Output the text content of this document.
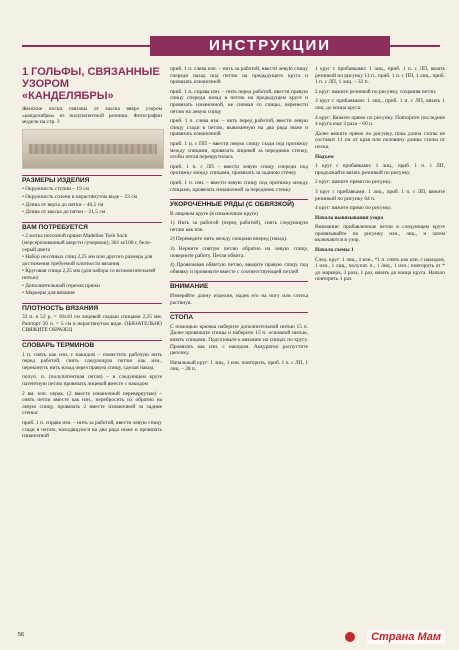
ИНСТРУКЦИИ
1 ГОЛЬФЫ, СВЯЗАННЫЕ УЗОРОМ «КАНДЕЛЯБРЫ»

Женские носки связаны от мыска вверх узором «канделябры» из полупатентной резинки. Фотографии модели на стр. 3

РАЗМЕРЫ ИЗДЕЛИЯ
• Окружность ступни – 19 см
• Окружность голени в нерастянутом виде – 23 см
• Длина от верха до пятки – 40,5 см
• Длина от мыска до пятки – 21,5 см
ВАМ ПОТРЕБУЕТСЯ
• 2 мотка носочной пряжи Madeline Tosh Sock (мерсеризованный шерсти супервош), 361 м/100 г, бело-серый цвета
• Набор носочных спиц 2,25 мм или другого размера для достижения требуемой плотности вязания
• Круговая спица 2,25 мм (для набора со вспомогательной нитью)
• Дополнительный отрезок пряжи
• Маркеры для вязания
ПЛОТНОСТЬ ВЯЗАНИЯ

32 п. и 52 р. = 10x10 см лицевой гладью спицами 2,25 мм. Раппорт 20 п. = 5 см в нерастянутом виде. ОБЯЗАТЕЛЬНО СВЯЖИТЕ ОБРАЗЕЦ

СЛОВАРЬ ТЕРМИНОВ

1 п. снять как изн. с накидом – поместить рабочую нить перед работой, снять следующую петлю как изн., перекинуть нить назад через правую спицу, сделав накид

полуп. п. (полупатентная петля) – в следующем круге патентную петлю провязать лицевой вместе с накидом

2 вм. изн. перек. (2 вместе изнаночной перевернутые) – снять петли вместе как изн., перебросить их обратно на левую спицу, провязать 2 вместе изнаночной за задние стенки

приб. 1 п. справа изн. – нить за работой, ввести левую спицу сзади в петлю, находящуюся на два ряда ниже и провязать изнаночной

приб. 1 п. слева изн. – нить за работой, ввести левую спицу спереди назад под петлю на предыдущего круга и провязать изнаночной

приб. 1 п. справа изн. – нить перед работой, ввести правую спицу спереди назад в петлю на предыдущем круге и провязать изнаночной, не снимая со спицы, перенести петлю на левую спицу

приб. 1 п. слева изн. – нить перед работой, ввести левую спицу сзади в петлю, вывязанную на два ряда ниже и провязать изнаночной

приб. 1 п. с ПП – ввести левую спицу сзади под протяжку между спицами, провязать лицевой за переднюю стенку, чтобы петля перекрутилась

приб. 1 п. с ЛП – ввести левую спицу спереди под протяжку между спицами, провязать за заднюю стенку

приб. 1 п. изн. – ввести левую спицу под протяжку между спицами, провязать изнаночной за переднюю стенку

УКОРОЧЕННЫЕ РЯДЫ (С ОБВЯЗКОЙ)

В лицевом круге (в изнаночном круге)

1) Нить за работой (перед работой), снять следующую петлю как изн.

2) Переведите нить между спицами вперед (назад).

3) Верните снятую петлю обратно на левую спицу, поверните работу. Петля обвита.

4) Провязывая обвитую петлю, введите правую спицу под обвивку и провяжите вместе с соответствующей петлей

ВНИМАНИЕ

Измеряйте длину изделия, надев его на ногу или слегка растянув.

СТОПА

С помощью крючка наберите дополнительной нитью 15 п. Далее провяжите спицы и наберите 15 п. основной нитью, вязать спицами. Подготовьте к вязанию на спицах по кругу. Провязать как изн. с накидом. Аккуратно распустите цепочку.

Начальный круг: 1 лиц., 1 изн. повторить, приб. 1 п. с ЛП, 1 лиц. – 28 п.

1 круг с прибавками: 1 лиц., приб. 1 п. с ЛП, вязать резинкой по рисунку 11 п., приб. 1 п. с ПП, 1 лиц., приб. 1 п. с ЛП, 1 лиц. – 32 п.

2 круг: вяжите резинкой по рисунку, сохраняя петли.

3 круг с прибавками: 1 лиц., приб. 1 п. с ЛП, вязать 1 лиц. до конца круга.

4 круг: Вяжите прямо по рисунку. Повторите последние 4 круга еще 3 раза – 60 п.

Далее вяжите прямо по рисунку, пока длина стопы не составит 11 см от края или половину длины стопы от носка.

Подъем

1 круг с прибавками: 1 лиц., приб. 1 п. с ЛП, продолжайте вязать резинкой по рисунку.

2 круг: вяжите прямо по рисунку.

3 круг с прибавками: 1 лиц., приб. 1 п. с ЛП, вяжите резинкой по рисунку 64 п.

4 круг: вяжите прямо по рисунку.

Начало вывязывания узора

Внимание: прибавленные петли в следующем круге провязывайте по рисунку изн., лиц., и затем включаются в узор.

Начало схемы 1

След. круг: 1 лиц., 1 изн., *1 п. снять как изн. с накидом, 1 изн., 1 лиц., полупат. п., 1 лиц., 1 изн.; повторить от * до маркера, 3 раза, 1 раз, вязать до конца круга. Начало повторить 1 раз.

56	Страна Мам
